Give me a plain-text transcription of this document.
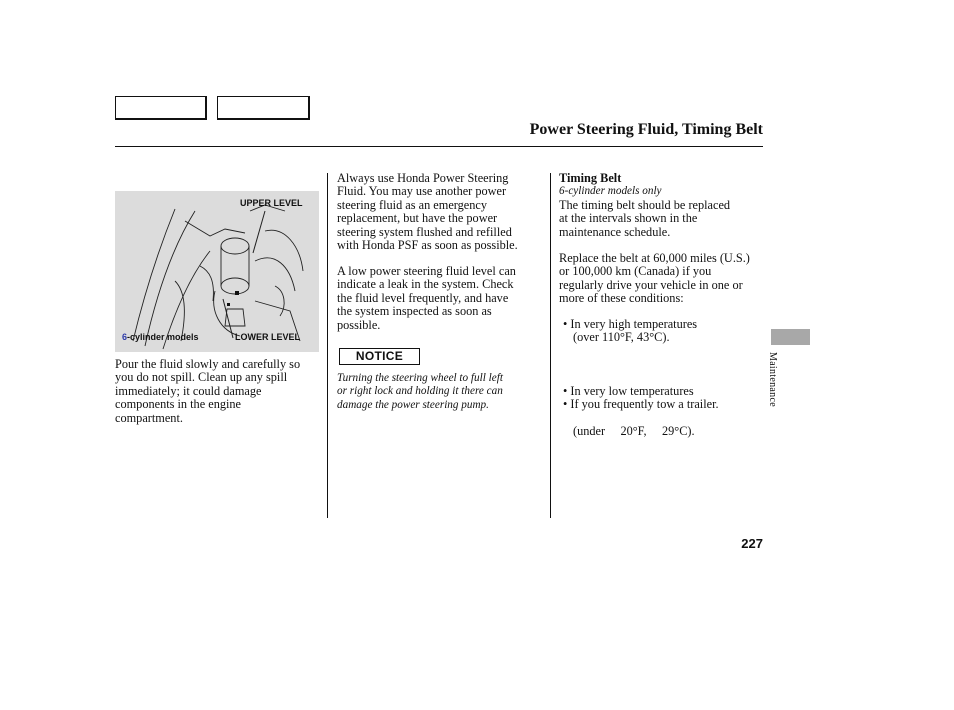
Power Steering Fluid, Timing Belt
UPPER LEVEL
LOWER LEVEL
6-cylinder models

Pour the fluid slowly and carefully so

you do not spill. Clean up any spill

immediately; it could damage

components in the engine

compartment.

Always use Honda Power Steering

Fluid. You may use another power

steering fluid as an emergency

replacement, but have the power

steering system flushed and refilled

with Honda PSF as soon as possible.

A low power steering fluid level can

indicate a leak in the system. Check

the fluid level frequently, and have

the system inspected as soon as

possible.

NOTICE

Turning the steering wheel to full left

or right lock and holding it there can

damage the power steering pump.

Timing Belt
6-cylinder models only

The timing belt should be replaced

at the intervals shown in the

maintenance schedule.

Replace the belt at 60,000 miles (U.S.)

or 100,000 km (Canada) if you

regularly drive your vehicle in one or

more of these conditions:

• In very high temperatures

(over 110°F, 43°C).

• In very low temperatures

(under     20°F,     29°C).

• If you frequently tow a trailer.	Maintenance
227
